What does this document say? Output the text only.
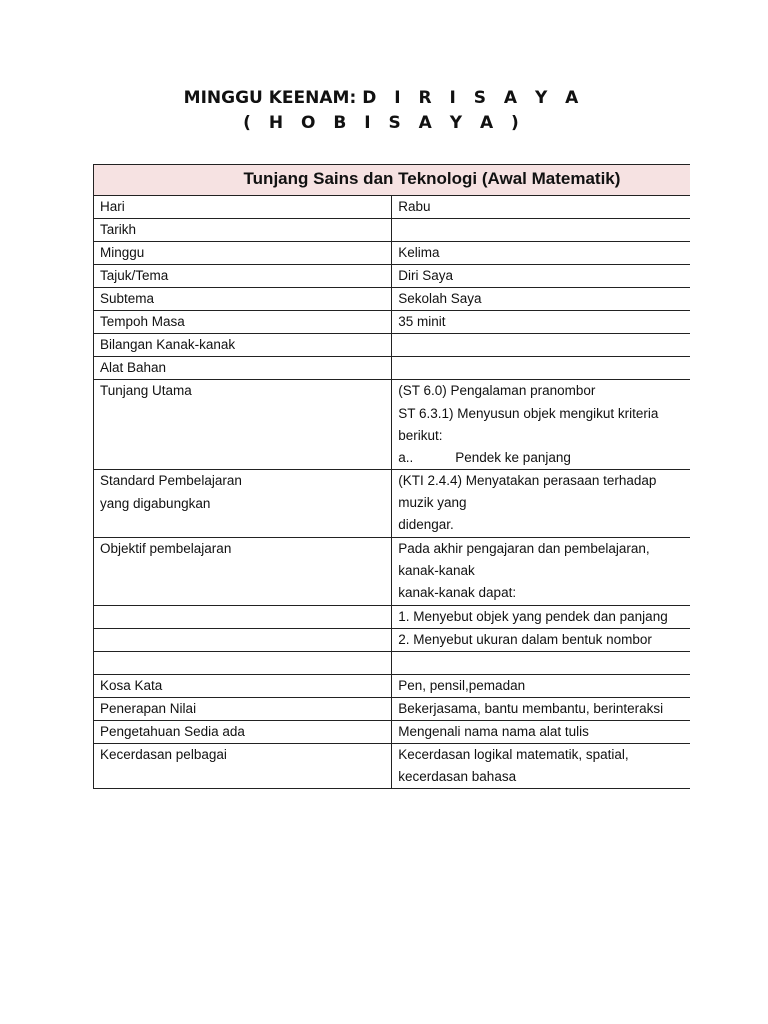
MINGGU KEENAM: D I R I S A Y A
( H O B I S A Y A )
Tunjang Sains dan Teknologi (Awal Matematik)	
Hari	Rabu
Tarikh	
Minggu	Kelima
Tajuk/Tema	Diri Saya
Subtema	Sekolah Saya
Tempoh Masa	35 minit
Bilangan Kanak-kanak	
Alat Bahan	
Tunjang Utama	(ST 6.0) Pengalaman pranombor
ST 6.3.1) Menyusun objek mengikut kriteria berikut:
a.. Pendek ke panjang

Standard Pembelajaran
yang digabungkan	(KTI 2.4.4) Menyatakan perasaan terhadap muzik yang
didengar.

Objektif pembelajaran	Pada akhir pengajaran dan pembelajaran, kanak-kanak
kanak-kanak dapat:

	1. Menyebut objek yang pendek dan panjang
	2. Menyebut ukuran dalam bentuk nombor

Kosa Kata	Pen, pensil,pemadan
Penerapan Nilai	Bekerjasama, bantu membantu, berinteraksi
Pengetahuan Sedia ada	Mengenali nama nama alat tulis
Kecerdasan pelbagai	Kecerdasan logikal matematik, spatial, kecerdasan bahasa
